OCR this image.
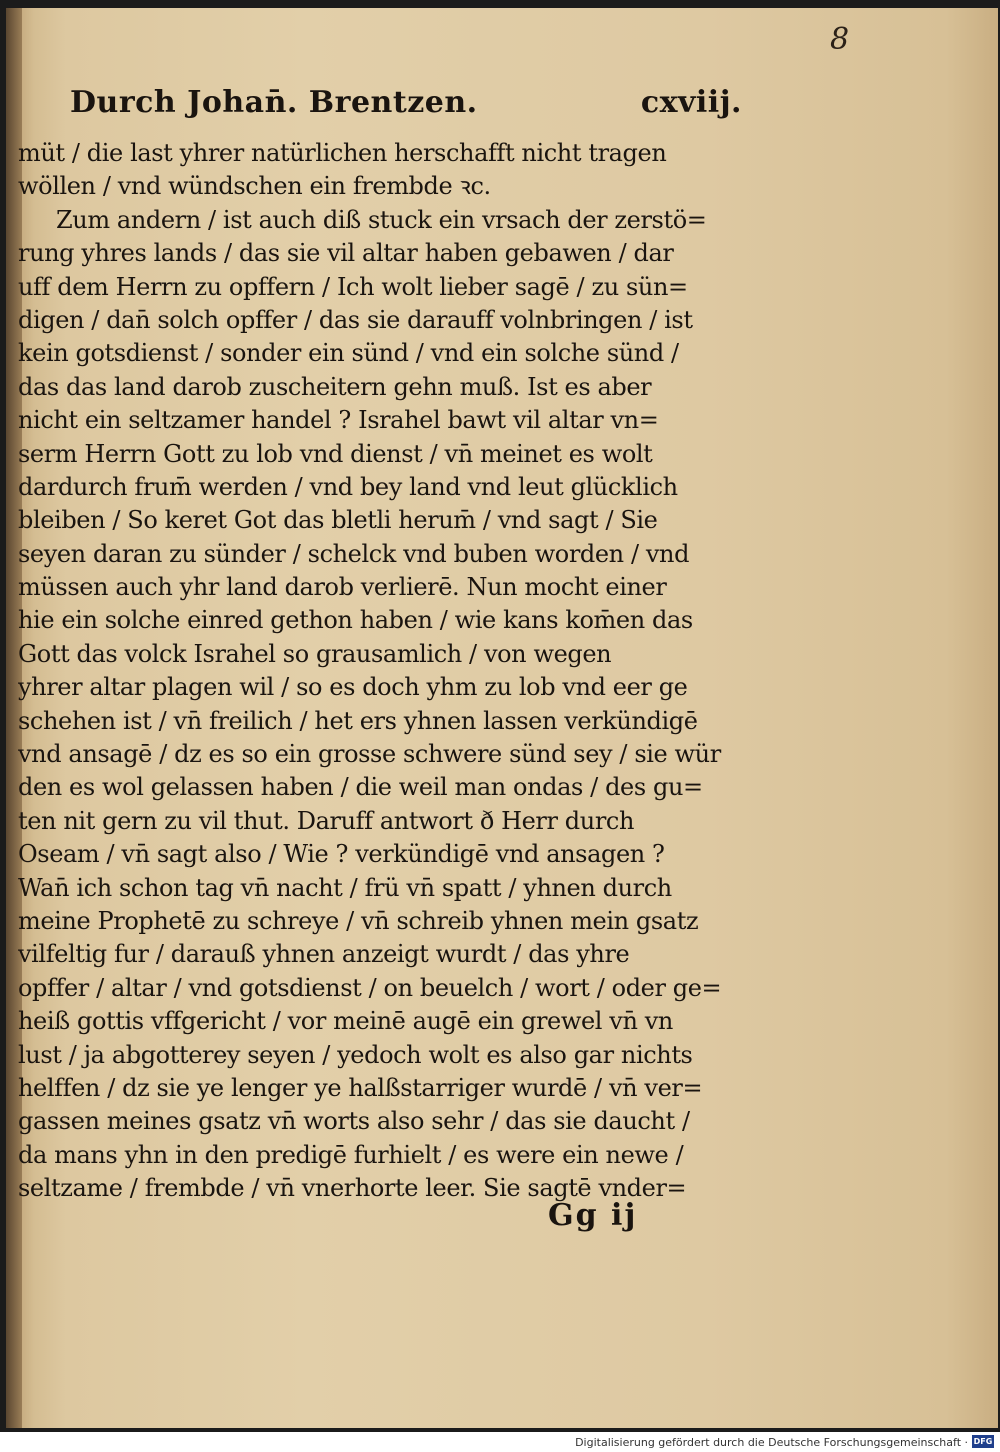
8
Durch Johan̄. Brentzen.	cxviij.
müt / die last yhrer natürlichen herschafft nicht tragen
wöllen / vnd wündschen ein frembde ꝛc.
Zum andern / ist auch diß stuck ein vrsach der zerstö=
rung yhres lands / das sie vil altar haben gebawen / dar
uff dem Herrn zu opffern / Ich wolt lieber sagē / zu sün=
digen / dan̄ solch opffer / das sie darauff volnbringen / ist
kein gotsdienst / sonder ein sünd / vnd ein solche sünd /
das das land darob zuscheitern gehn muß. Ist es aber
nicht ein seltzamer handel ? Israhel bawt vil altar vn=
serm Herrn Gott zu lob vnd dienst / vn̄ meinet es wolt
dardurch frum̄ werden / vnd bey land vnd leut glücklich
bleiben / So keret Got das bletli herum̄ / vnd sagt / Sie
seyen daran zu sünder / schelck vnd buben worden / vnd
müssen auch yhr land darob verlierē. Nun mocht einer
hie ein solche einred gethon haben / wie kans kom̄en das
Gott das volck Israhel so grausamlich / von wegen
yhrer altar plagen wil / so es doch yhm zu lob vnd eer ge
schehen ist / vn̄ freilich / het ers yhnen lassen verkündigē
vnd ansagē / dz es so ein grosse schwere sünd sey / sie wür
den es wol gelassen haben / die weil man ondas / des gu=
ten nit gern zu vil thut. Daruff antwort ð Herr durch
Oseam / vn̄ sagt also / Wie ? verkündigē vnd ansagen ?
Wan̄ ich schon tag vn̄ nacht / frü vn̄ spatt / yhnen durch
meine Prophetē zu schreye / vn̄ schreib yhnen mein gsatz
vilfeltig fur / darauß yhnen anzeigt wurdt / das yhre
opffer / altar / vnd gotsdienst / on beuelch / wort / oder ge=
heiß gottis vffgericht / vor meinē augē ein grewel vn̄ vn
lust / ja abgotterey seyen / yedoch wolt es also gar nichts
helffen / dz sie ye lenger ye halßstarriger wurdē / vn̄ ver=
gassen meines gsatz vn̄ worts also sehr / das sie daucht /
da mans yhn in den predigē furhielt / es were ein newe /
seltzame / frembde / vn̄ vnerhorte leer. Sie sagtē vnder=
Gg ij
Digitalisierung gefördert durch die Deutsche Forschungsgemeinschaft · DFG
